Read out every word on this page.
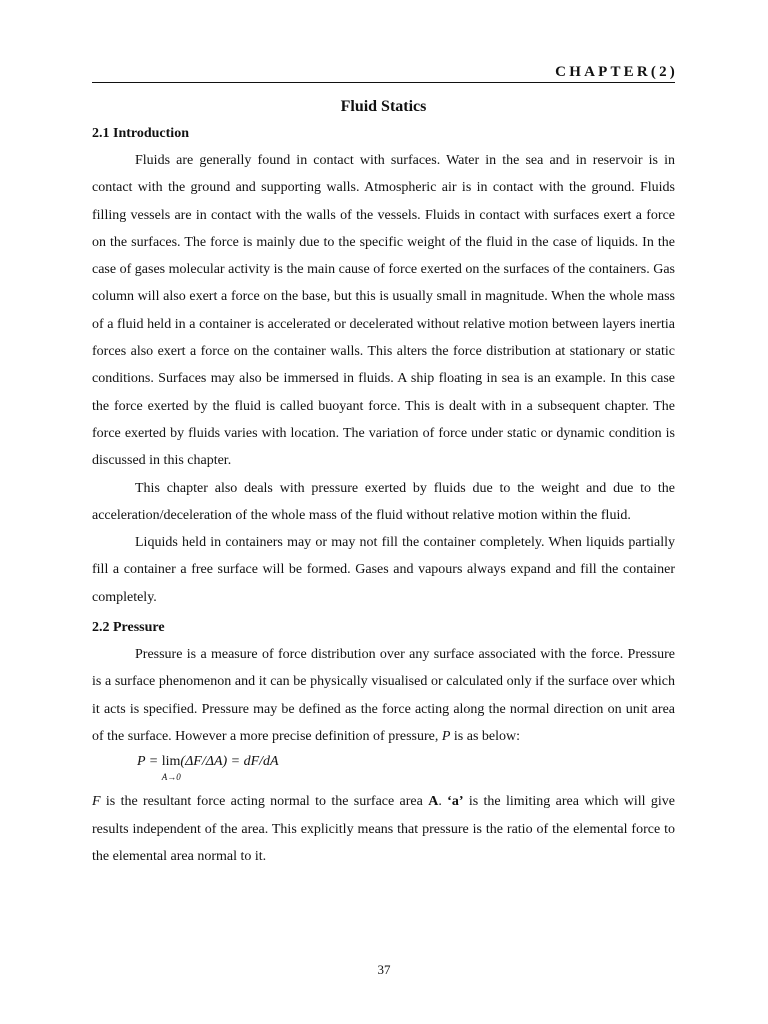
CHAPTER(2)
Fluid Statics
2.1 Introduction

Fluids are generally found in contact with surfaces. Water in the sea and in reservoir is in contact with the ground and supporting walls. Atmospheric air is in contact with the ground. Fluids filling vessels are in contact with the walls of the vessels. Fluids in contact with surfaces exert a force on the surfaces. The force is mainly due to the specific weight of the fluid in the case of liquids. In the case of gases molecular activity is the main cause of force exerted on the surfaces of the containers. Gas column will also exert a force on the base, but this is usually small in magnitude. When the whole mass of a fluid held in a container is accelerated or decelerated without relative motion between layers inertia forces also exert a force on the container walls. This alters the force distribution at stationary or static conditions. Surfaces may also be immersed in fluids. A ship floating in sea is an example. In this case the force exerted by the fluid is called buoyant force. This is dealt with in a subsequent chapter. The force exerted by fluids varies with location. The variation of force under static or dynamic condition is discussed in this chapter.

This chapter also deals with pressure exerted by fluids due to the weight and due to the acceleration/deceleration of the whole mass of the fluid without relative motion within the fluid.

Liquids held in containers may or may not fill the container completely. When liquids partially fill a container a free surface will be formed. Gases and vapours always expand and fill the container completely.

2.2 Pressure

Pressure is a measure of force distribution over any surface associated with the force. Pressure is a surface phenomenon and it can be physically visualised or calculated only if the surface over which it acts is specified. Pressure may be defined as the force acting along the normal direction on unit area of the surface. However a more precise definition of pressure, P is as below:

P = lim
A→0
(ΔF/ΔA) = dF/dA

F is the resultant force acting normal to the surface area A. ‘a’ is the limiting area which will give results independent of the area. This explicitly means that pressure is the ratio of the elemental force to the elemental area normal to it.

37
